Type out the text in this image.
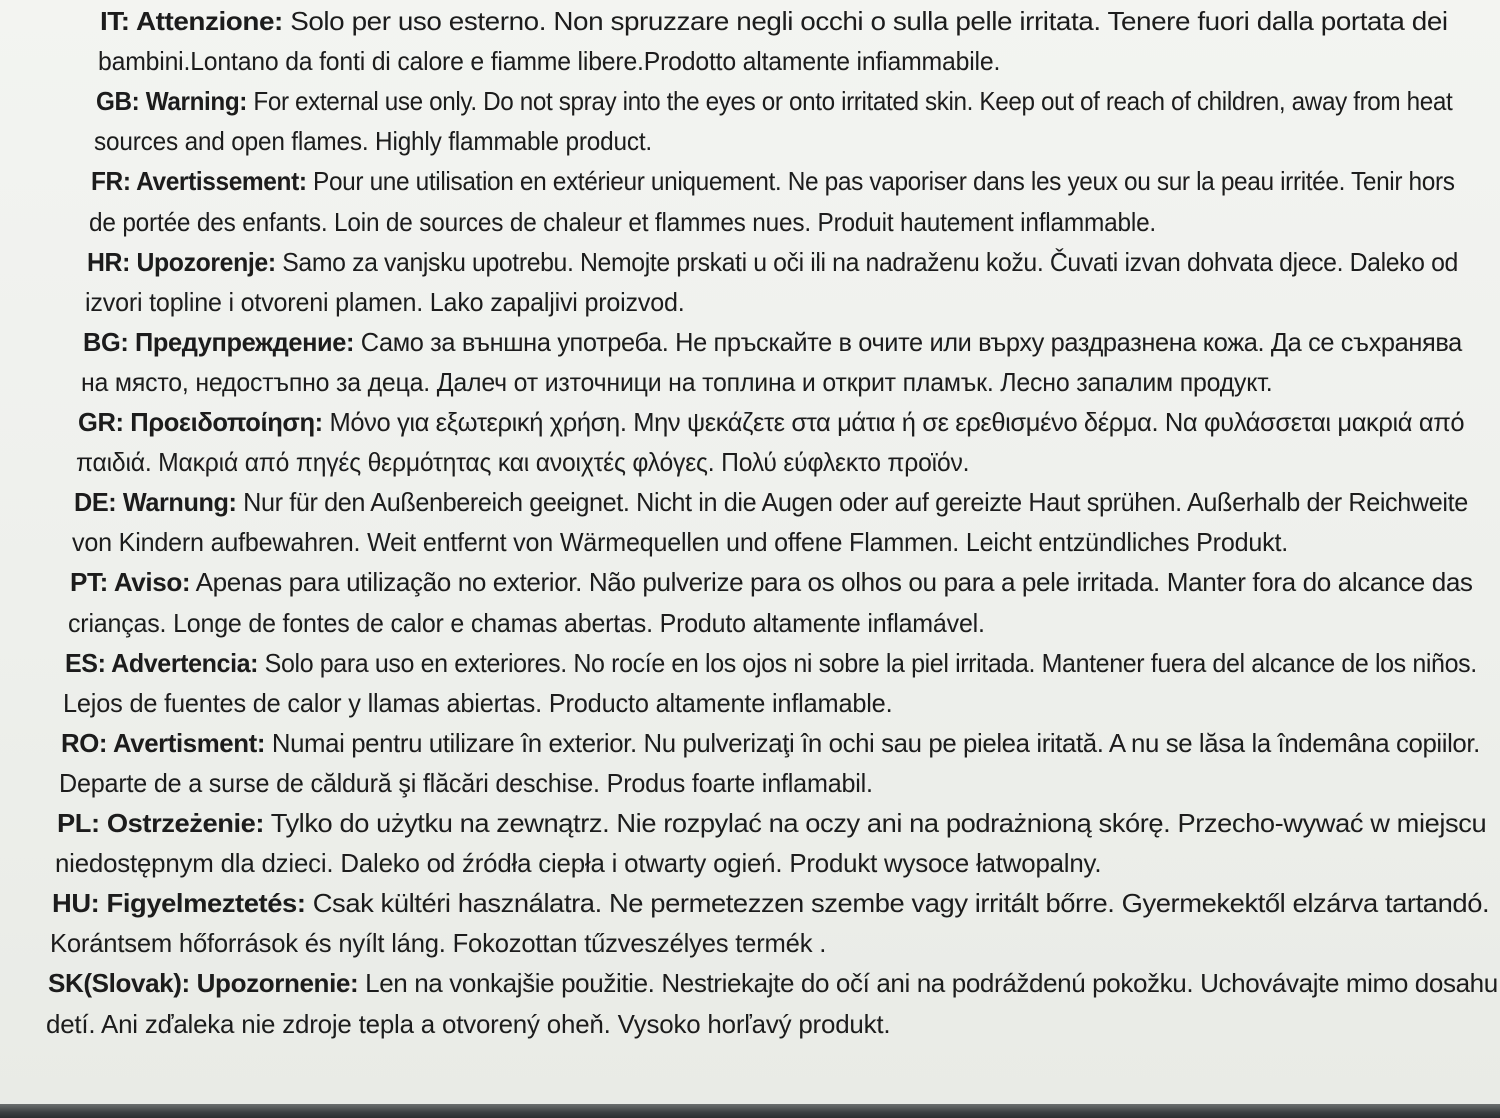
IT: Attenzione: Solo per uso esterno. Non spruzzare negli occhi o sulla pelle irritata. Tenere fuori dalla portata dei
bambini.Lontano da fonti di calore e fiamme libere.Prodotto altamente infiammabile.
GB: Warning: For external use only. Do not spray into the eyes or onto irritated skin. Keep out of reach of children, away from heat
sources and open flames. Highly flammable product.
FR: Avertissement: Pour une utilisation en extérieur uniquement. Ne pas vaporiser dans les yeux ou sur la peau irritée. Tenir hors
de portée des enfants. Loin de sources de chaleur et flammes nues. Produit hautement inflammable.
HR: Upozorenje: Samo za vanjsku upotrebu. Nemojte prskati u oči ili na nadraženu kožu. Čuvati izvan dohvata djece. Daleko od
izvori topline i otvoreni plamen. Lako zapaljivi proizvod.
BG: Предупреждение: Само за външна употреба. Не пръскайте в очите или върху раздразнена кожа. Да се съхранява
на място, недостъпно за деца. Далеч от източници на топлина и открит пламък. Лесно запалим продукт.
GR: Προειδοποίηση: Μόνο για εξωτερική χρήση. Μην ψεκάζετε στα μάτια ή σε ερεθισμένο δέρμα. Να φυλάσσεται μακριά από
παιδιά. Μακριά από πηγές θερμότητας και ανοιχτές φλόγες. Πολύ εύφλεκτο προϊόν.
DE: Warnung: Nur für den Außenbereich geeignet. Nicht in die Augen oder auf gereizte Haut sprühen. Außerhalb der Reichweite
von Kindern aufbewahren. Weit entfernt von Wärmequellen und offene Flammen. Leicht entzündliches Produkt.
PT: Aviso: Apenas para utilização no exterior. Não pulverize para os olhos ou para a pele irritada. Manter fora do alcance das
crianças. Longe de fontes de calor e chamas abertas. Produto altamente inflamável.
ES: Advertencia: Solo para uso en exteriores. No rocíe en los ojos ni sobre la piel irritada. Mantener fuera del alcance de los niños.
Lejos de fuentes de calor y llamas abiertas. Producto altamente inflamable.
RO: Avertisment: Numai pentru utilizare în exterior. Nu pulverizaţi în ochi sau pe pielea iritată. A nu se lăsa la îndemâna copiilor.
Departe de a surse de căldură şi flăcări deschise. Produs foarte inflamabil.
PL: Ostrzeżenie: Tylko do użytku na zewnątrz. Nie rozpylać na oczy ani na podrażnioną skórę. Przecho-wywać w miejscu
niedostępnym dla dzieci. Daleko od źródła ciepła i otwarty ogień. Produkt wysoce łatwopalny.
HU: Figyelmeztetés: Csak kültéri használatra. Ne permetezzen szembe vagy irritált bőrre. Gyermekektől elzárva tartandó.
Korántsem hőforrások és nyílt láng. Fokozottan tűzveszélyes termék .
SK(Slovak): Upozornenie: Len na vonkajšie použitie. Nestriekajte do očí ani na podráždenú pokožku. Uchovávajte mimo dosahu
detí. Ani zďaleka nie zdroje tepla a otvorený oheň. Vysoko horľavý produkt.
